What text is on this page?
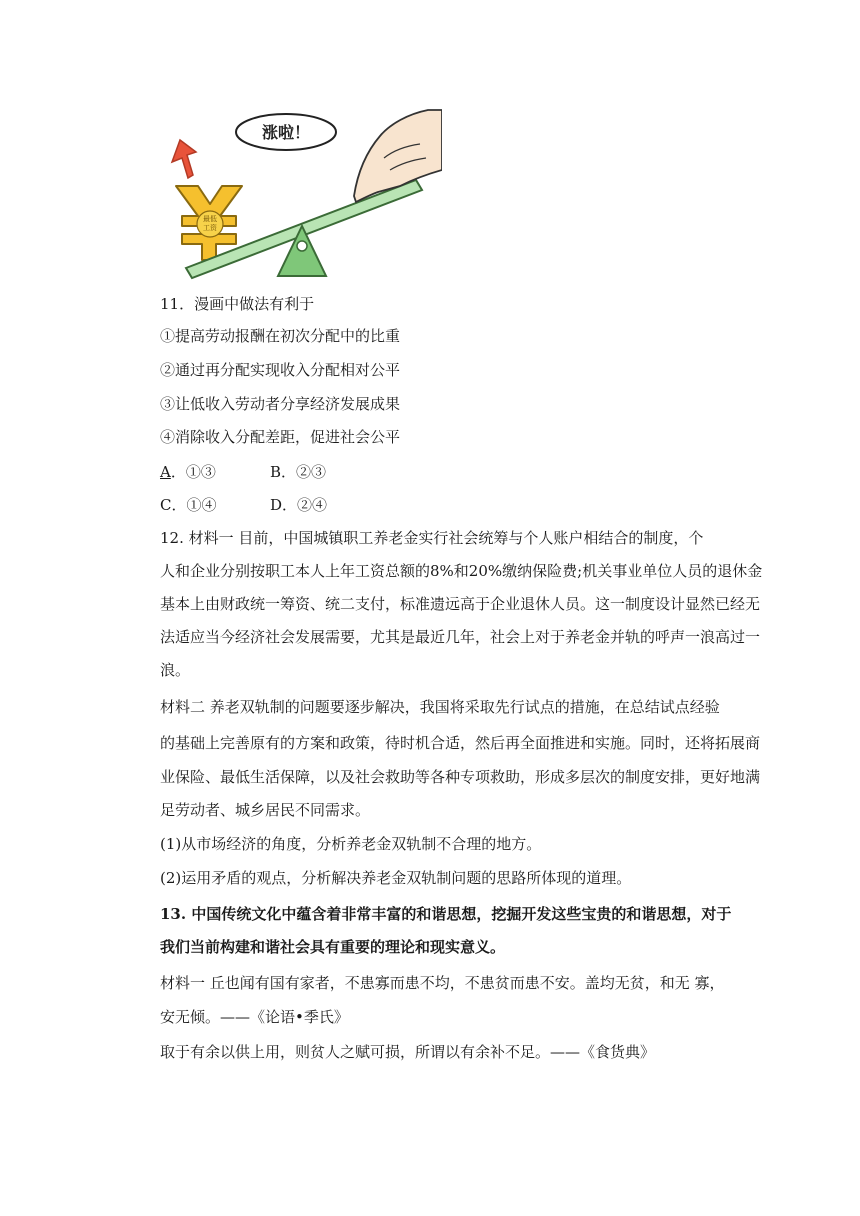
最低
工资
涨啦！
11．漫画中做法有利于
①提高劳动报酬在初次分配中的比重
②通过再分配实现收入分配相对公平
③让低收入劳动者分享经济发展成果
④消除收入分配差距，促进社会公平
A．①③	B．②③
C．①④	D．②④
12. 材料一 目前，中国城镇职工养老金实行社会统筹与个人账户相结合的制度，个
人和企业分别按职工本人上年工资总额的8%和20%缴纳保险费;机关事业单位人员的退休金
基本上由财政统一筹资、统二支付，标准遗远高于企业退休人员。这一制度设计显然已经无
法适应当今经济社会发展需要，尤其是最近几年，社会上对于养老金并轨的呼声一浪高过一
浪。
材料二 养老双轨制的问题要逐步解决，我国将采取先行试点的措施，在总结试点经验
的基础上完善原有的方案和政策，待时机合适，然后再全面推进和实施。同时，还将拓展商
业保险、最低生活保障，以及社会救助等各种专项救助，形成多层次的制度安排，更好地满
足劳动者、城乡居民不同需求。
(1)从市场经济的角度，分析养老金双轨制不合理的地方。
(2)运用矛盾的观点，分析解决养老金双轨制问题的思路所体现的道理。
13. 中国传统文化中蕴含着非常丰富的和谐思想，挖掘开发这些宝贵的和谐思想，对于
我们当前构建和谐社会具有重要的理论和现实意义。
材料一 丘也闻有国有家者，不患寡而患不均，不患贫而患不安。盖均无贫，和无 寡，
安无倾。——《论语•季氏》
取于有余以供上用，则贫人之赋可损，所谓以有余补不足。——《食货典》
